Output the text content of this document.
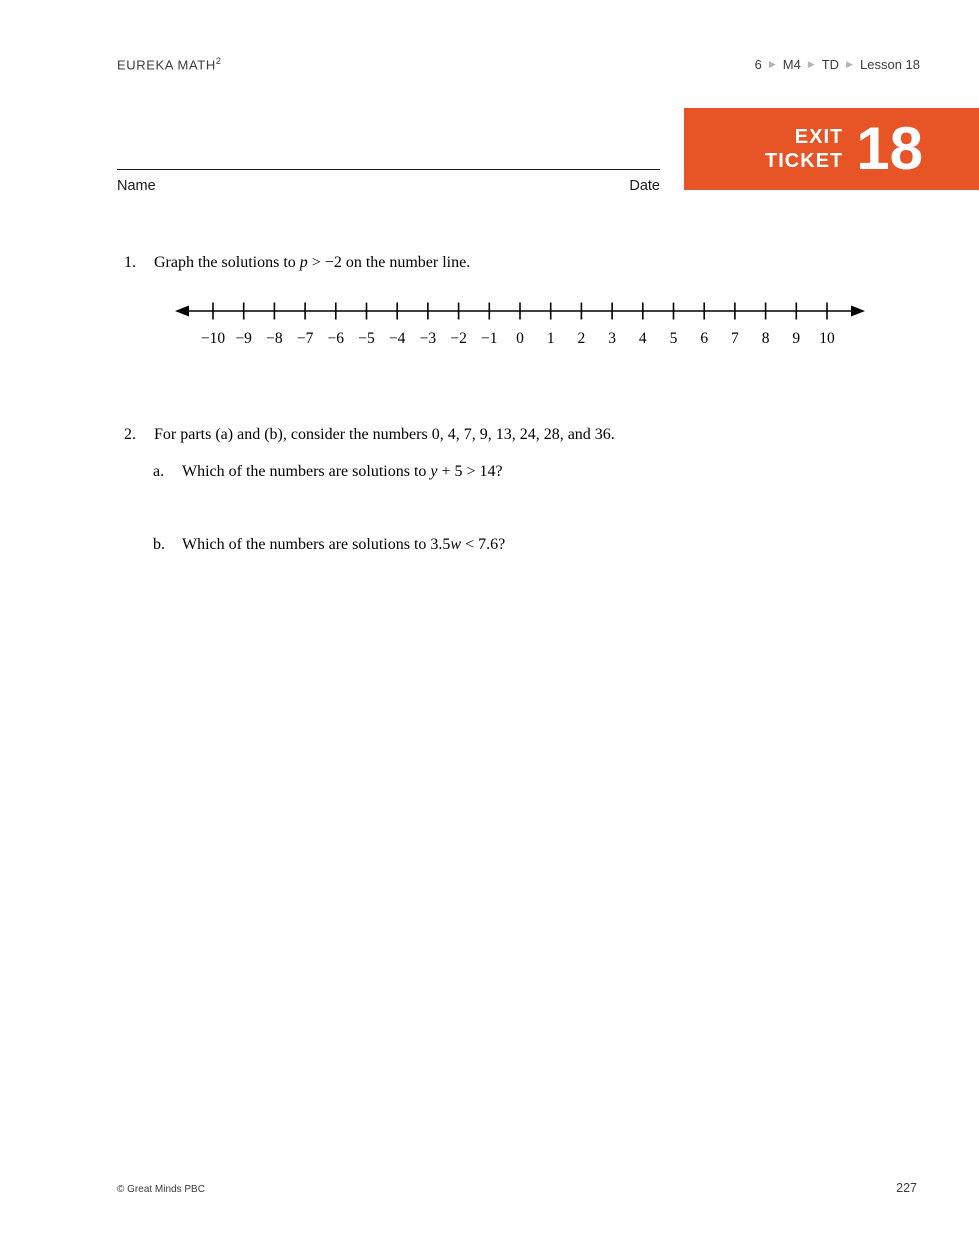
EUREKA MATH$^2$	6 ▶ M4 ▶ TD ▶ Lesson 18
EXIT
TICKET 18
Name	Date
1.	Graph the solutions to p > −2 on the number line.
−10 −9 −8 −7 −6 −5 −4 −3 −2 −1 0 1 2 3 4 5 6 7 8 9 10
2.	For parts (a) and (b), consider the numbers 0, 4, 7, 9, 13, 24, 28, and 36.
a.	Which of the numbers are solutions to y + 5 > 14?
b.	Which of the numbers are solutions to 3.5w < 7.6?
© Great Minds PBC	227
